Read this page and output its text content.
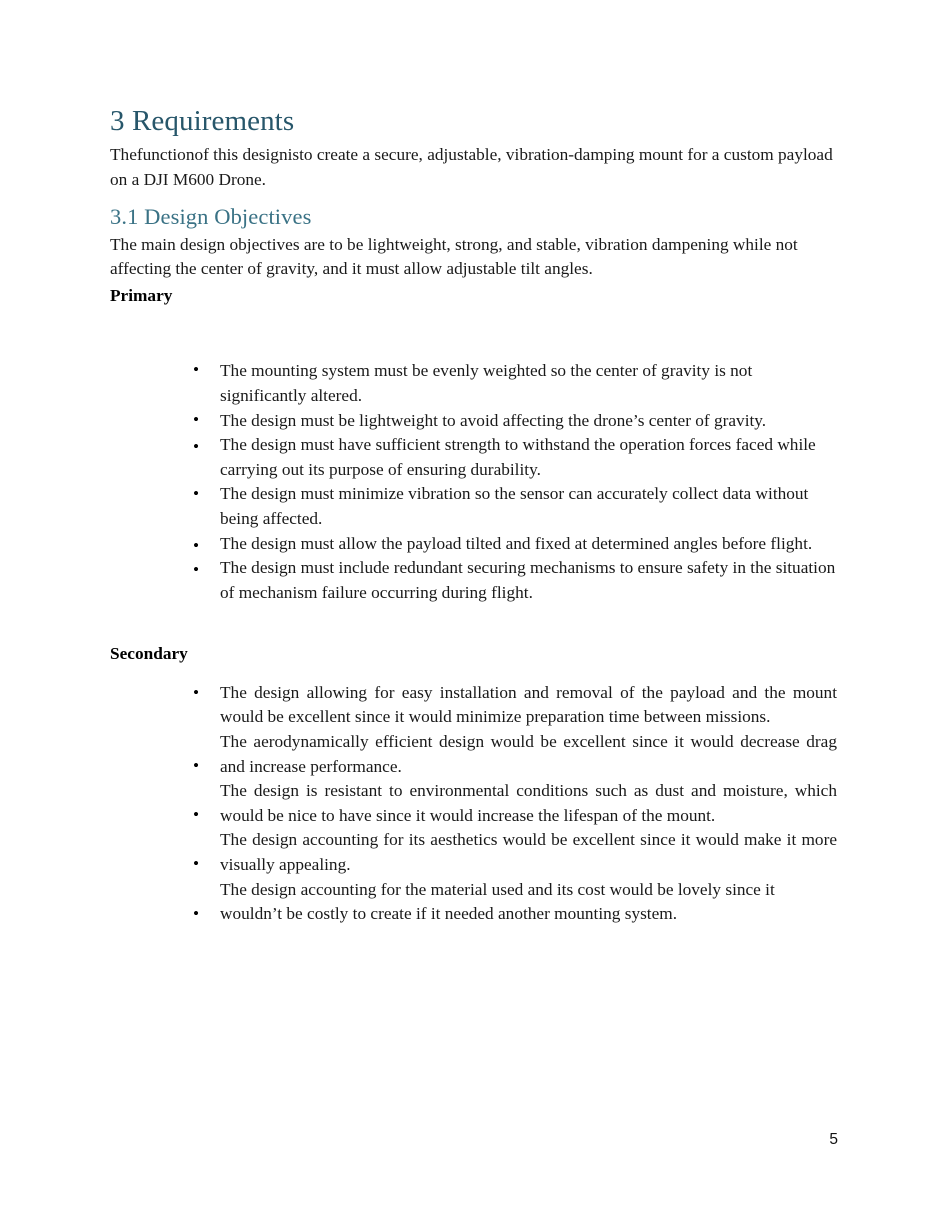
3 Requirements

Thefunctionof this designisto create a secure, adjustable, vibration-damping mount for a custom payload on a DJI M600 Drone.

3.1 Design Objectives

The main design objectives are to be lightweight, strong, and stable, vibration dampening while not affecting the center of gravity, and it must allow adjustable tilt angles.

Primary

•

The mounting system must be evenly weighted so the center of gravity is not significantly altered.

•

The design must be lightweight to avoid affecting the drone’s center of gravity.

•

The design must have sufficient strength to withstand the operation forces faced while carrying out its purpose of ensuring durability.

•

The design must minimize vibration so the sensor can accurately collect data without being affected.

•

The design must allow the payload tilted and fixed at determined angles before flight.

•

The design must include redundant securing mechanisms to ensure safety in the situation of mechanism failure occurring during flight.

Secondary

•

The design allowing for easy installation and removal of the payload and the mount would be excellent since it would minimize preparation time between missions.

•

The aerodynamically efficient design would be excellent since it would decrease drag and increase performance.

•

The design is resistant to environmental conditions such as dust and moisture, which would be nice to have since it would increase the lifespan of the mount.

•

The design accounting for its aesthetics would be excellent since it would make it more visually appealing.

•

The design accounting for the material used and its cost would be lovely since it wouldn’t be costly to create if it needed another mounting system.

5
